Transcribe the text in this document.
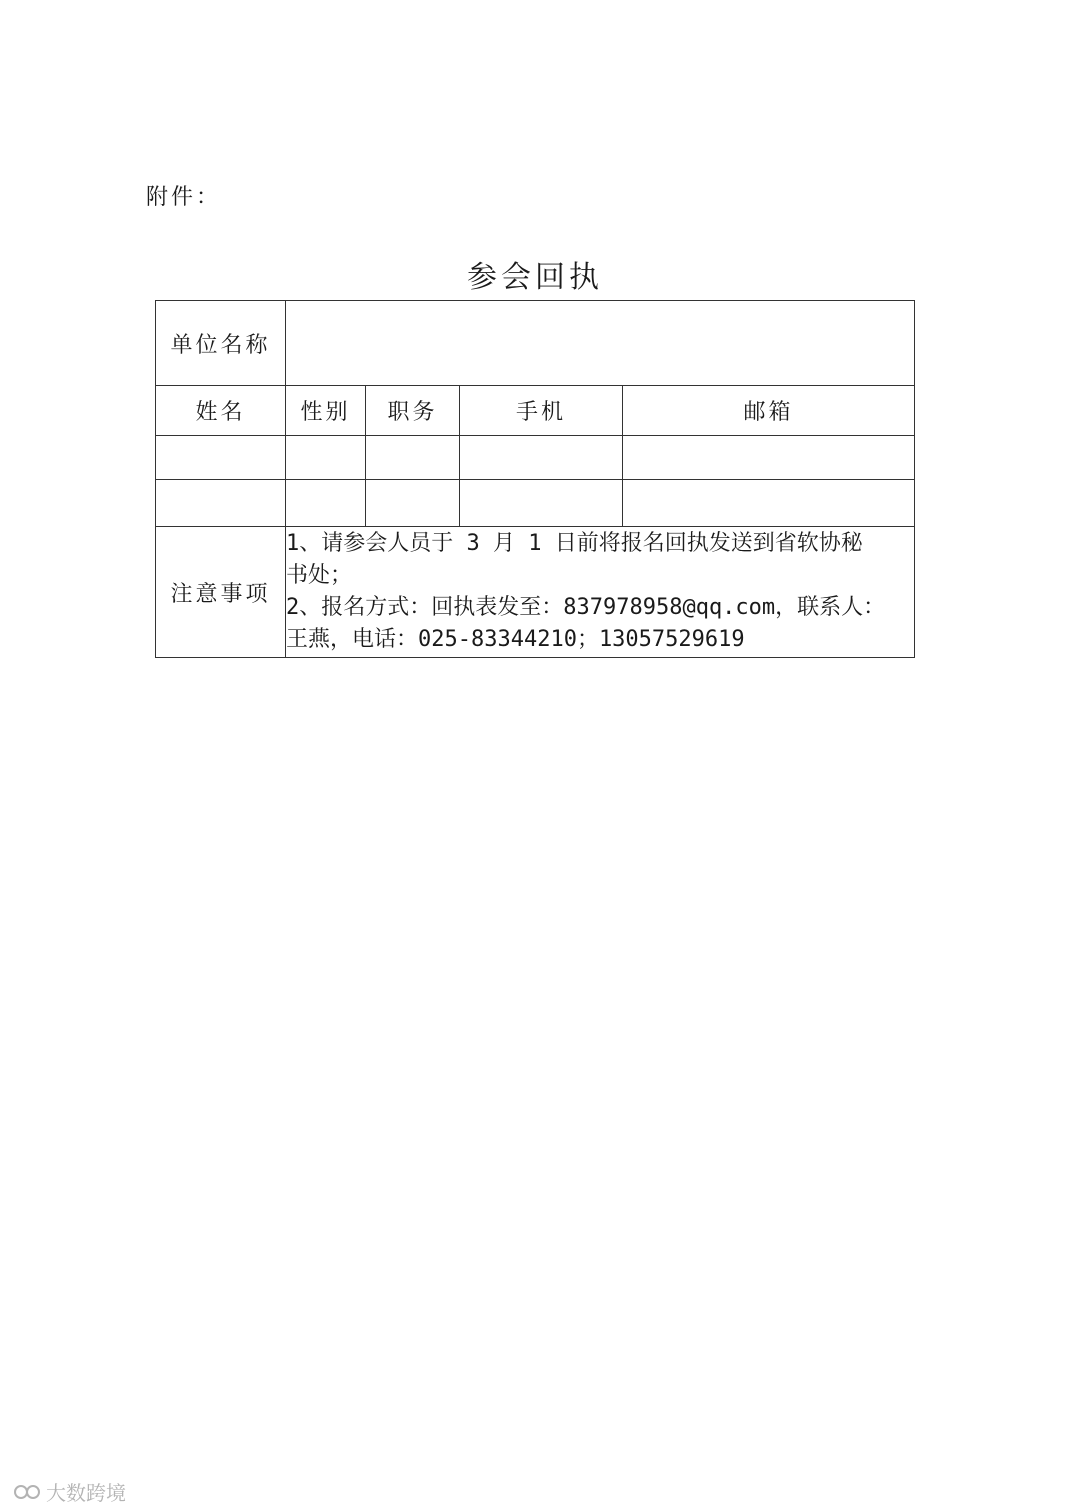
附件：
参会回执
单位名称				
姓名	性别	职务	手机	邮箱

注意事项	1、请参会人员于 3 月 1 日前将报名回执发送到省软协秘
书处；
2、报名方式：回执表发至：837978958@qq.com，联系人：
王燕，电话：025-83344210；13057529619			
大数跨境
